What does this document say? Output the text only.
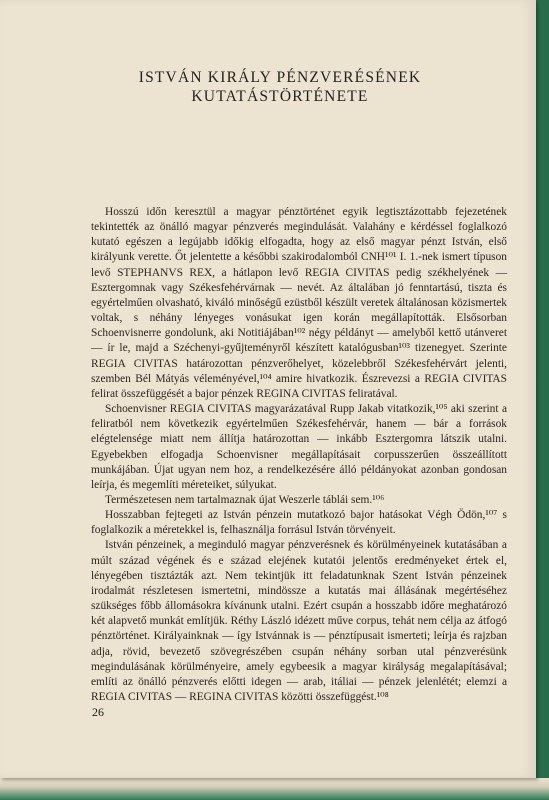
ISTVÁN KIRÁLY PÉNZVERÉSÉNEK
KUTATÁSTÖRTÉNETE

Hosszú időn keresztül a magyar pénztörténet egyik legtisztázottabb fejezetének tekintették az önálló magyar pénzverés megindulását. Valahány e kérdéssel foglalkozó kutató egészen a legújabb időkig elfogadta, hogy az első magyar pénzt István, első királyunk verette. Őt jelentette a későbbi szakirodalomból CNH¹⁰¹ I. 1.-nek ismert típuson levő STEPHANVS REX, a hátlapon levő REGIA CIVITAS pedig székhelyének — Esztergomnak vagy Székesfehérvárnak — nevét. Az általában jó fenntartású, tiszta és egyértelműen olvasható, kiváló minőségű ezüstből készült veretek általánosan közismertek voltak, s néhány lényeges vonásukat igen korán megállapították. Elsősorban Schoenvisnerre gondolunk, aki Notitiájában¹⁰² négy példányt — amelyből kettő utánveret — ír le, majd a Széchenyi-gyűjteményről készített katalógusban¹⁰³ tizenegyet. Szerinte REGIA CIVITAS határozottan pénzverőhelyet, közelebbről Székesfehérvárt jelenti, szemben Bél Mátyás véleményével,¹⁰⁴ amire hivatkozik. Észrevezsi a REGIA CIVITAS felirat összefüggését a bajor pénzek REGINA CIVITAS feliratával.

Schoenvisner REGIA CIVITAS magyarázatával Rupp Jakab vitatkozik,¹⁰⁵ aki szerint a feliratból nem következik egyértelműen Székesfehérvár, hanem — bár a források elégtelensége miatt nem állítja határozottan — inkább Esztergomra látszik utalni. Egyebekben elfogadja Schoenvisner megállapításait corpusszerűen összeállított munkájában. Újat ugyan nem hoz, a rendelkezésére álló példányokat azonban gondosan leírja, és megemlíti méreteiket, súlyukat.

Természetesen nem tartalmaznak újat Weszerle táblái sem.¹⁰⁶

Hosszabban fejtegeti az István pénzein mutatkozó bajor hatásokat Végh Ödön,¹⁰⁷ s foglalkozik a méretekkel is, felhasználja forrásul István törvényeit.

István pénzeinek, a meginduló magyar pénzverésnek és körülményeinek kutatásában a múlt század végének és e század elejének kutatói jelentős eredményeket értek el, lényegében tisztázták azt. Nem tekintjük itt feladatunknak Szent István pénzeinek irodalmát részletesen ismertetni, mindössze a kutatás mai állásának megértéséhez szükséges főbb állomásokra kívánunk utalni. Ezért csupán a hosszabb időre meghatározó két alapvető munkát említjük. Réthy László idézett műve corpus, tehát nem célja az átfogó pénztörténet. Királyainknak — így Istvánnak is — pénztípusait ismerteti; leírja és rajzban adja, rövid, bevezető szövegrészében csupán néhány sorban utal pénzverésünk megindulásának körülményeire, amely egybeesik a magyar királyság megalapításával; említi az önálló pénzverés előtti idegen — arab, itáliai — pénzek jelenlétét; elemzi a REGIA CIVITAS — REGINA CIVITAS közötti összefüggést.¹⁰⁸

26
